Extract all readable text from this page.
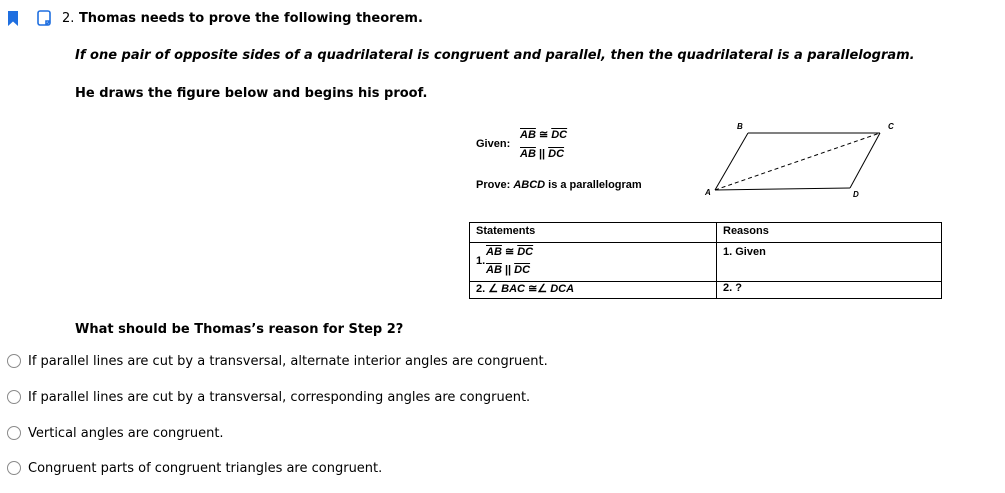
2. Thomas needs to prove the following theorem.
If one pair of opposite sides of a quadrilateral is congruent and parallel, then the quadrilateral is a parallelogram.
He draws the figure below and begins his proof.
Given:
$\overline{AB}$ ≅ $\overline{DC}$
$\overline{AB}$ || $\overline{DC}$
Prove: ABCD is a parallelogram
A
B	C
D
Statements	Reasons

1.
$\overline{AB}$ ≅ $\overline{DC}$
$\overline{AB}$ || $\overline{DC}$	1. Given

2. ∠ BAC ≅∠ DCA	2. ?
What should be Thomas’s reason for Step 2?
If parallel lines are cut by a transversal, alternate interior angles are congruent.
If parallel lines are cut by a transversal, corresponding angles are congruent.
Vertical angles are congruent.
Congruent parts of congruent triangles are congruent.
